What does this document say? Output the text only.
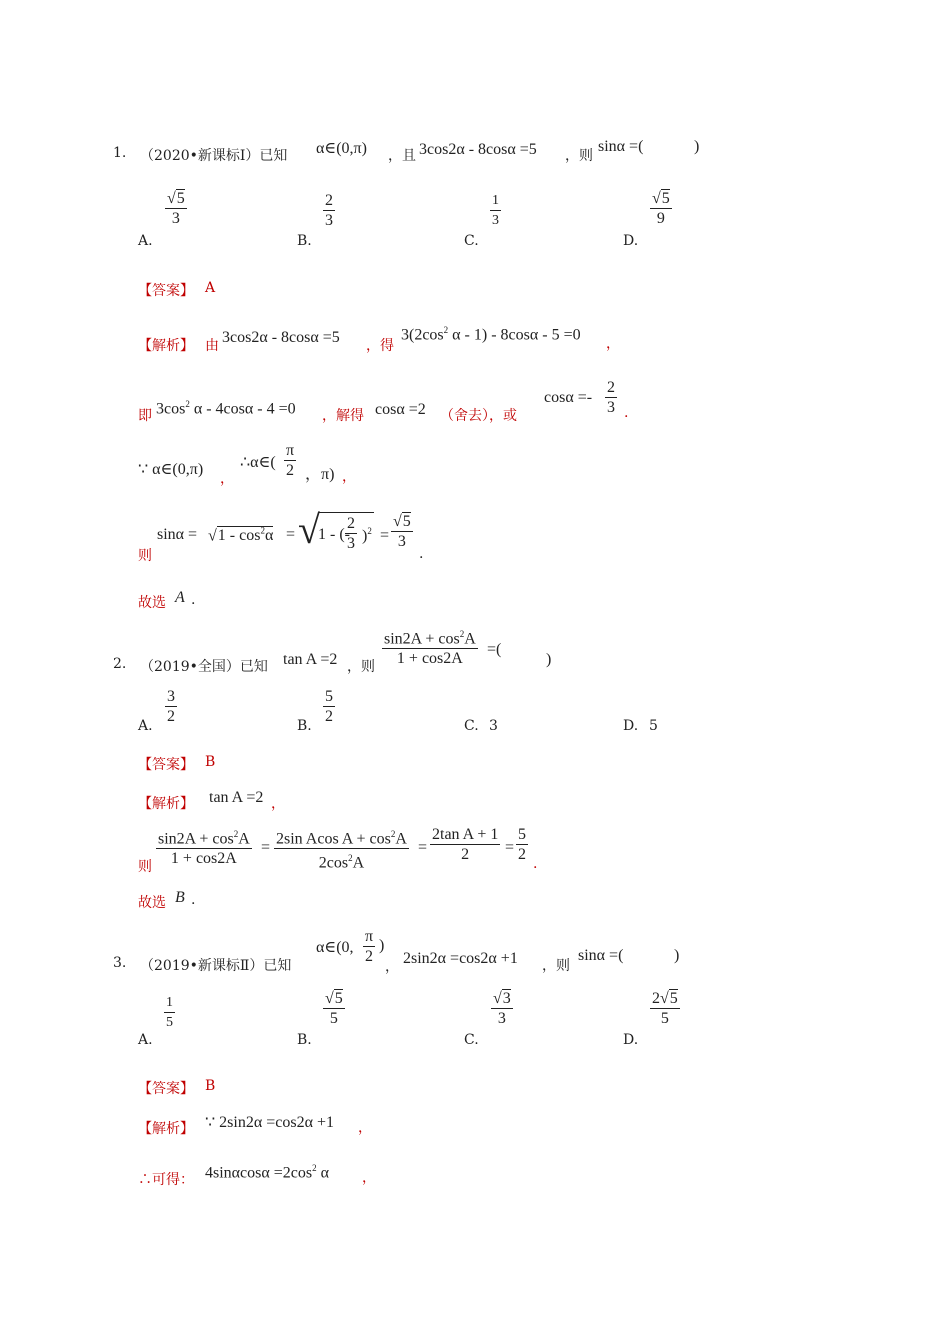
1. （2020•新课标Ⅰ）已知 α∈(0,π) ，且 3cos2α - 8cosα =5 ，则
sinα =(	)
$\frac{√5}{3}$
A.
$\frac{2}{3}$
B.
$\frac{1}{3}$
C.
$\frac{√5}{9}$
D.
【答案】 A
【解析】 由 3cos2α - 8cosα =5 ，得
$3(2\cos^2$ α - 1) - 8cosα - 5 =0
，
即 $3\cos^2$ α - 4cosα - 4 =0 ，解得 cosα =2 （舍去），或
$\cos\alpha =- \frac{2}{3}$ .
∵ α∈(0,π)
，
∴α∈( $\frac{\pi}{2}$ ，π) ，
则
$\sin\alpha = √1 - \cos^2\alpha$ = √
1 - (-
$\frac{2}{3} )^2 = \frac{√5}{3}$
.
故选 A .
2. （2019•全国）已知 tan A =2 ，则 $\frac{\sin 2A + \cos^2A}{1 + \cos 2A}$ =(
)
$\frac{3}{2}$
A.	$\frac{5}{2}$
B.	C. 3	D. 5
【答案】 B
【解析】 tan A =2 ，
则 $\frac{\sin 2A + \cos^2A}{1 + \cos 2A} = \frac{2\sin Acos A + \cos^2A}{2\cos^2A} = \frac{\text{2tan A + 1}}{2} = \frac{5}{2}$ .
故选 B .
3. （2019•新课标Ⅱ）已知
α∈(0, $\frac{\pi}{2}$ )
， 2sin2α =cos2α +1 ，则
sinα =(	)
$\frac{1}{5}$
A.
$\frac{√5}{5}$
B.
$\frac{√3}{3}$
C.
$\frac{2√5}{5}$
D.
【答案】 B
【解析】 ∵ 2sin2α =cos2α +1 ，
∴可得： $4\sin\alpha\cos\alpha =2\cos^2$ α ，
